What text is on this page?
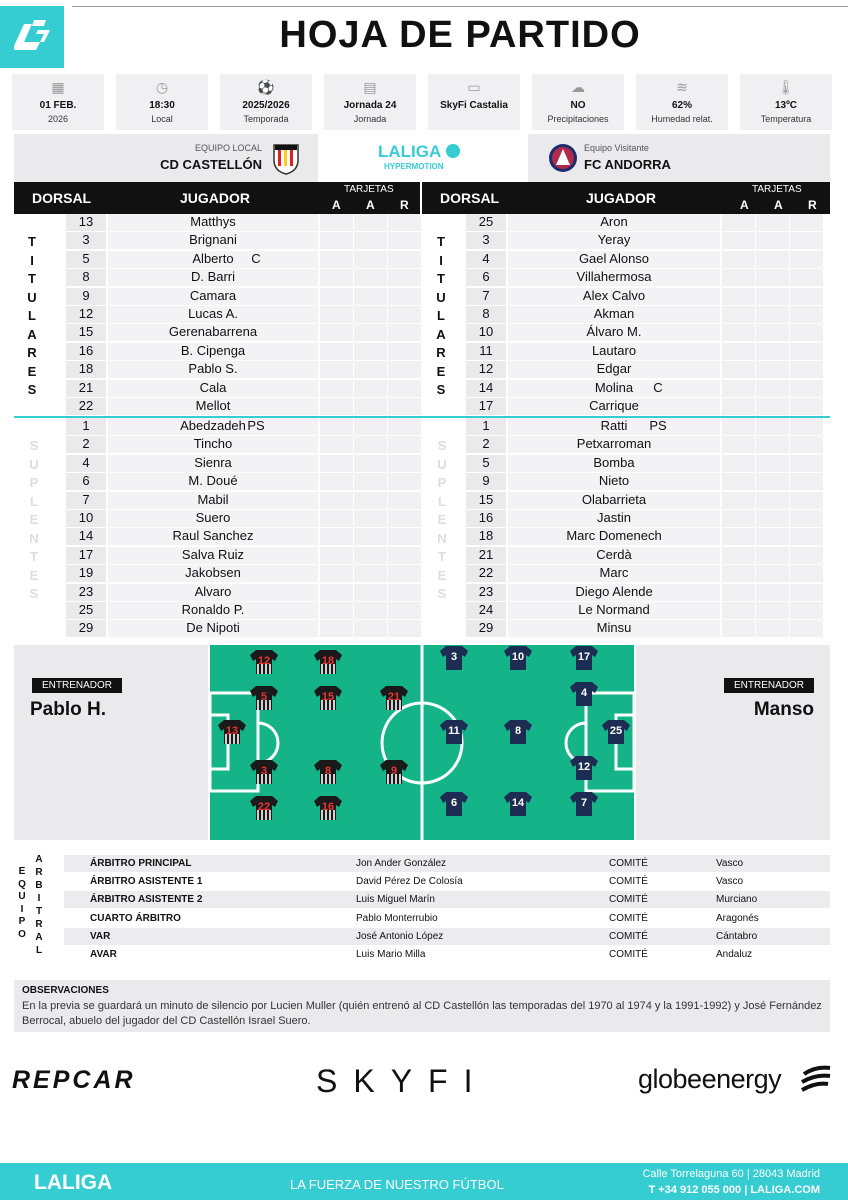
HOJA DE PARTIDO
▦
01 FEB.
2026
◷
18:30
Local
⚽
2025/2026
Temporada
▤
Jornada 24
Jornada
▭
SkyFi Castalia
☁
NO
Precipitaciones
≋
62%
Humedad relat.
🌡
13ºC
Temperatura
EQUIPO LOCAL
CD CASTELLÓN
LALIGA
HYPERMOTION
Equipo Visitante
FC ANDORRA
DORSAL	JUGADOR
TARJETAS
A A R DORSAL	JUGADOR
TARJETAS
A A R
13	Matthys
3	Brignani
5	Alberto	C
8	D. Barri
9	Camara
12	Lucas A.
15	Gerenabarrena
16	B. Cipenga
18	Pablo S.
21	Cala
22	Mellot
1	Abedzadeh PS
2	Tincho
4	Sienra
6	M. Doué
7	Mabil
10	Suero
14	Raul Sanchez
17	Salva Ruiz
19	Jakobsen
23	Alvaro
25	Ronaldo P.
29	De Nipoti
25	Aron
3	Yeray
4	Gael Alonso
6	Villahermosa
7	Alex Calvo
8	Akman
10	Álvaro M.
11	Lautaro
12	Edgar
14	Molina	C
17	Carrique
1	Ratti	PS
2	Petxarroman
5	Bomba
9	Nieto
15	Olabarrieta
16	Jastin
18	Marc Domenech
21	Cerdà
22	Marc
23	Diego Alende
24	Le Normand
29	Minsu
T
I
T
U
L
A
R
E
S
T
I
T
U
L
A
R
E
S
S
U
P
L
E
N
T
E
S
S
U
P
L
E
N
T
E
S
ENTRENADOR
Pablo H.
ENTRENADOR
Manso
12	18
5	15	21
13
3	8	9
22	16
3	10	17
4
11	8	25
12
6	14	7
E
Q
U
I
P
O
A
R
B
I
T
R
A
L
ÁRBITRO PRINCIPAL	Jon Ander González	COMITÉ	Vasco
ÁRBITRO ASISTENTE 1	David Pérez De Colosía	COMITÉ	Vasco
ÁRBITRO ASISTENTE 2	Luis Miguel Marín	COMITÉ	Murciano
CUARTO ÁRBITRO	Pablo Monterrubio	COMITÉ	Aragonés
VAR	José Antonio López	COMITÉ	Cántabro
AVAR	Luis Mario Milla	COMITÉ	Andaluz
OBSERVACIONES
En la previa se guardará un minuto de silencio por Lucien Muller (quién entrenó al CD Castellón las temporadas del 1970 al 1974 y la 1991-1992) y José Fernández Berrocal, abuelo del jugador del CD Castellón Israel Suero.
REPCAR	SKYFI	globeenergy
LALIGA	LA FUERZA DE NUESTRO FÚTBOL
Calle Torrelaguna 60 | 28043 Madrid
T +34 912 055 000 | LALIGA.COM
